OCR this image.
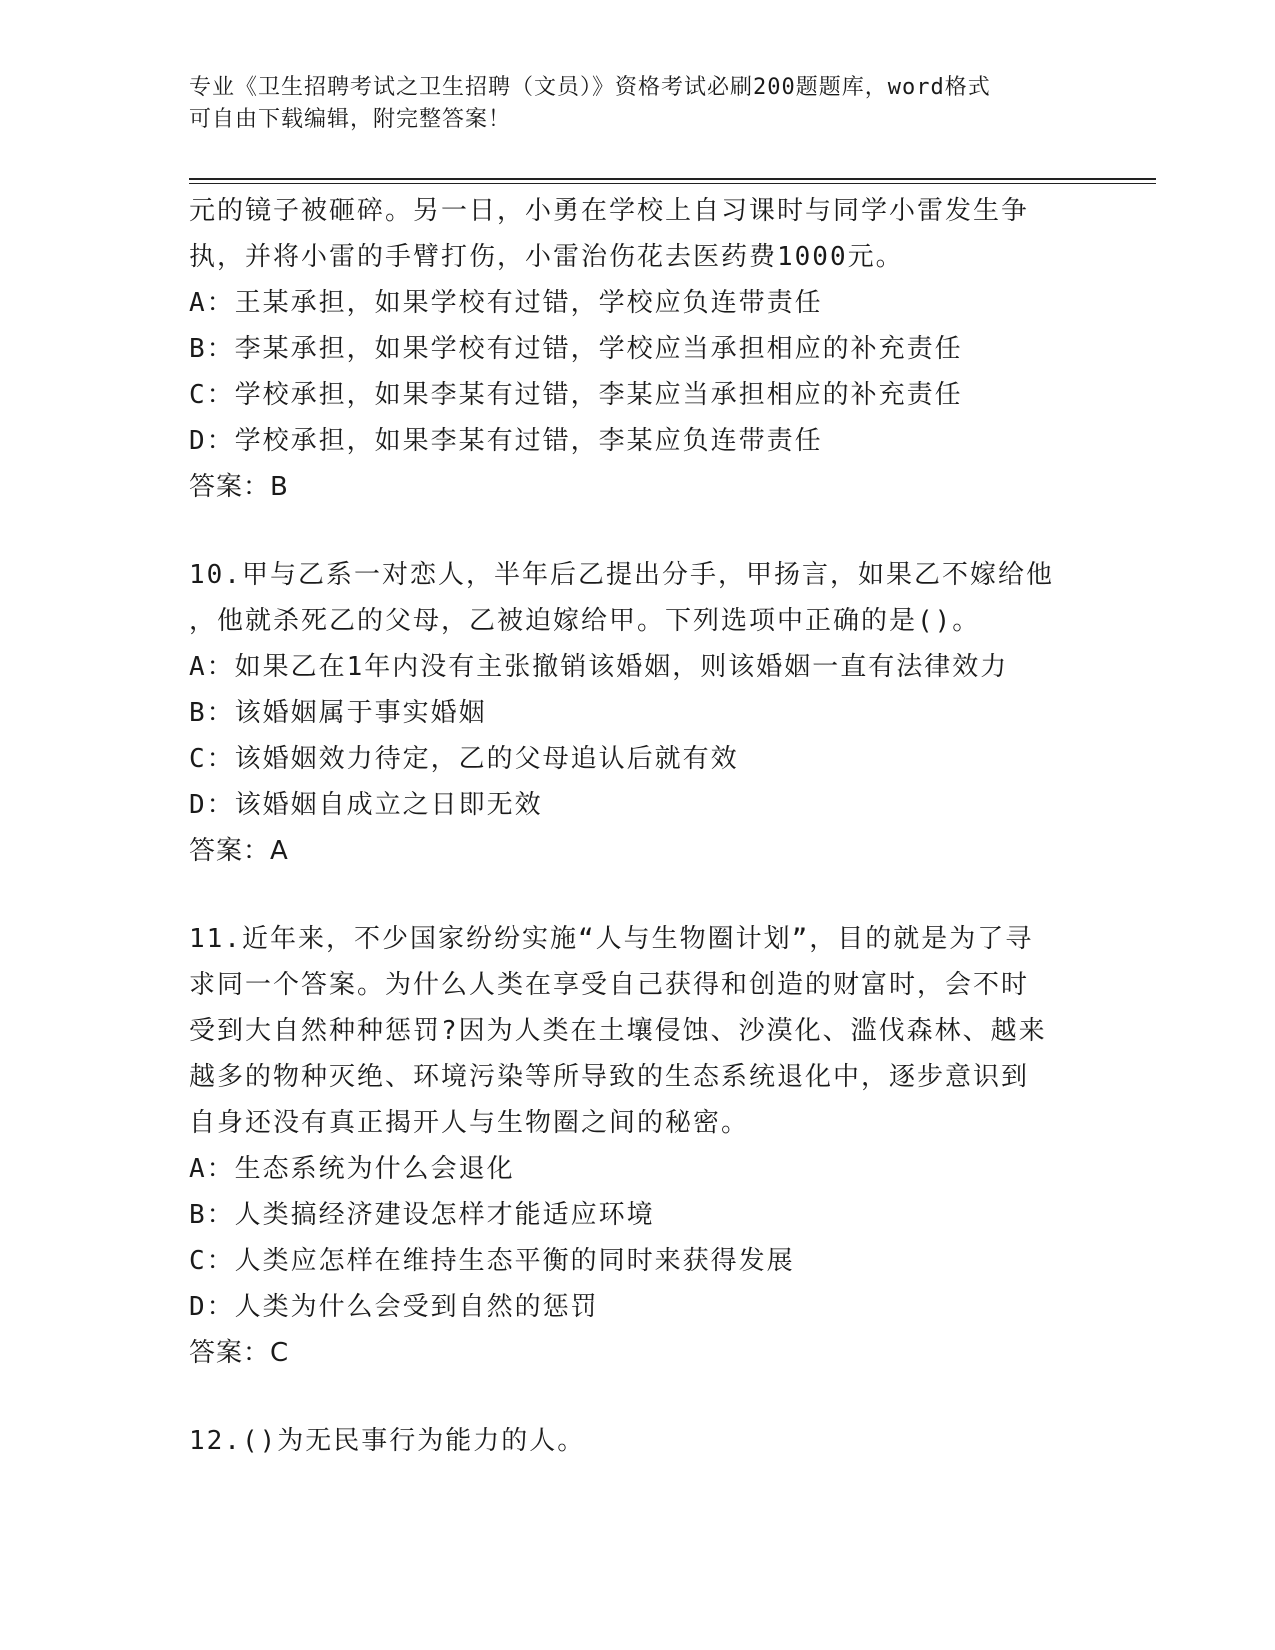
专业《卫生招聘考试之卫生招聘（文员）》资格考试必刷200题题库，word格式
可自由下载编辑，附完整答案！
元的镜子被砸碎。另一日，小勇在学校上自习课时与同学小雷发生争
执，并将小雷的手臂打伤，小雷治伤花去医药费1000元。
A：王某承担，如果学校有过错，学校应负连带责任
B：李某承担，如果学校有过错，学校应当承担相应的补充责任
C：学校承担，如果李某有过错，李某应当承担相应的补充责任
D：学校承担，如果李某有过错，李某应负连带责任
答案：B
10.甲与乙系一对恋人，半年后乙提出分手，甲扬言，如果乙不嫁给他
，他就杀死乙的父母，乙被迫嫁给甲。下列选项中正确的是()。
A：如果乙在1年内没有主张撤销该婚姻，则该婚姻一直有法律效力
B：该婚姻属于事实婚姻
C：该婚姻效力待定，乙的父母追认后就有效
D：该婚姻自成立之日即无效
答案：A
11.近年来，不少国家纷纷实施“人与生物圈计划”，目的就是为了寻
求同一个答案。为什么人类在享受自己获得和创造的财富时，会不时
受到大自然种种惩罚?因为人类在土壤侵蚀、沙漠化、滥伐森林、越来
越多的物种灭绝、环境污染等所导致的生态系统退化中，逐步意识到
自身还没有真正揭开人与生物圈之间的秘密。
A：生态系统为什么会退化
B：人类搞经济建设怎样才能适应环境
C：人类应怎样在维持生态平衡的同时来获得发展
D：人类为什么会受到自然的惩罚
答案：C
12.()为无民事行为能力的人。
